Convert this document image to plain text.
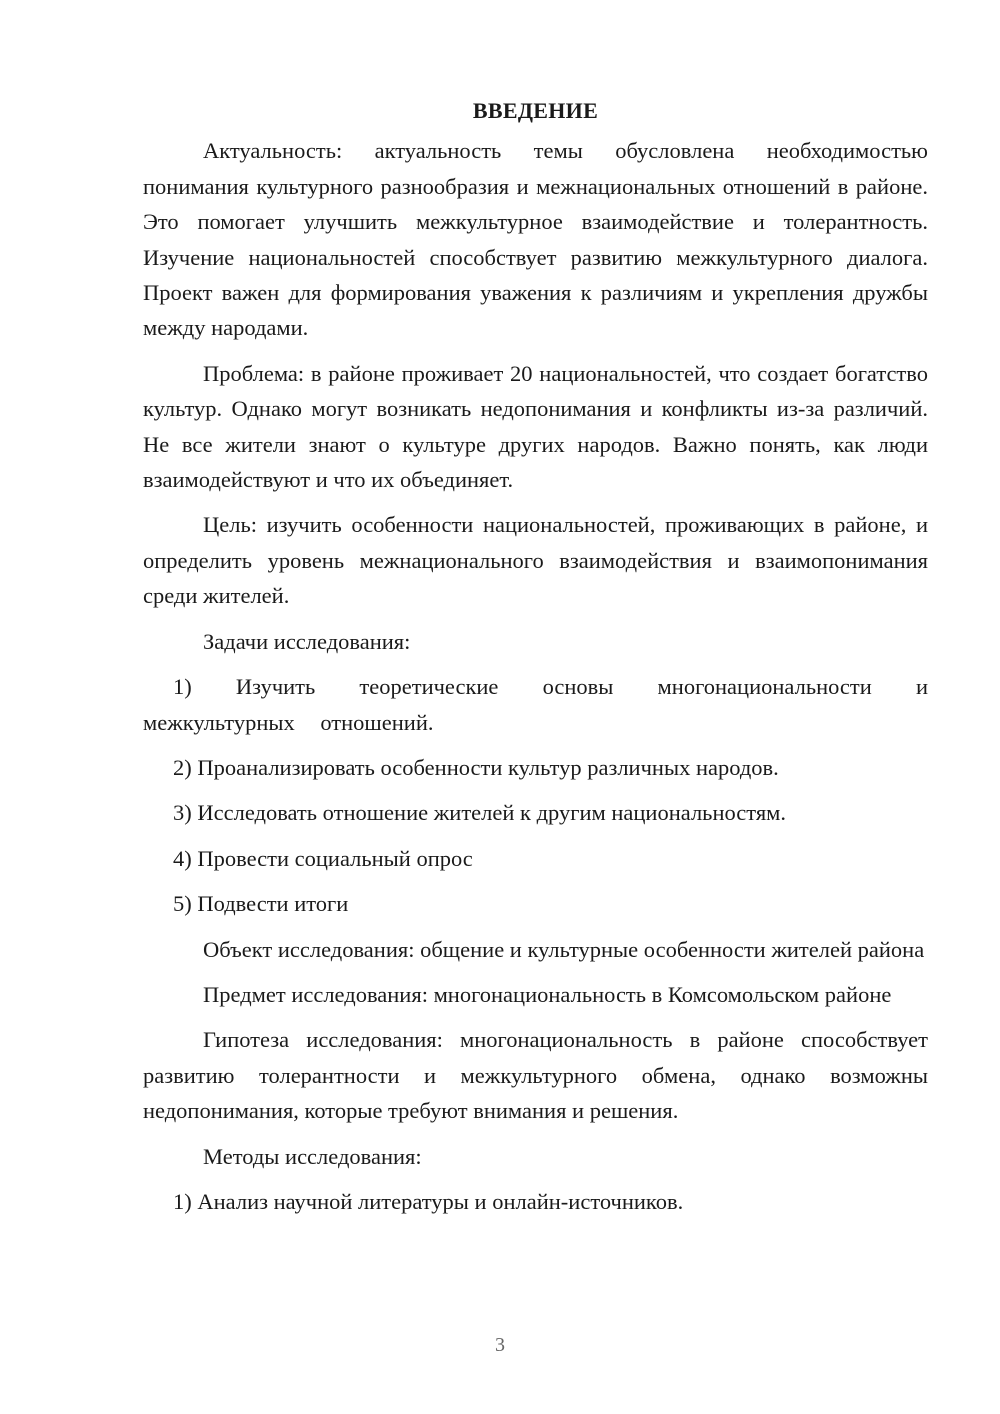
ВВЕДЕНИЕ

Актуальность: актуальность темы обусловлена необходимостью понимания культурного разнообразия и межнациональных отношений в районе. Это помогает улучшить межкультурное взаимодействие и толерантность. Изучение национальностей способствует развитию межкультурного диалога. Проект важен для формирования уважения к различиям и укрепления дружбы между народами.

Проблема: в районе проживает 20 национальностей, что создает богатство культур. Однако могут возникать недопонимания и конфликты из-за различий. Не все жители знают о культуре других народов. Важно понять, как люди взаимодействуют и что их объединяет.

Цель: изучить особенности национальностей, проживающих в районе, и определить уровень межнационального взаимодействия и взаимопонимания среди жителей.

Задачи исследования:

1) Изучить теоретические основы многонациональности и межкультурных отношений.

2) Проанализировать особенности культур различных народов.

3) Исследовать отношение жителей к другим национальностям.

4) Провести социальный опрос

5) Подвести итоги

Объект исследования: общение и культурные особенности жителей района

Предмет исследования: многонациональность в Комсомольском районе

Гипотеза исследования: многонациональность в районе способствует развитию толерантности и межкультурного обмена, однако возможны недопонимания, которые требуют внимания и решения.

Методы исследования:

1) Анализ научной литературы и онлайн-источников.

3
